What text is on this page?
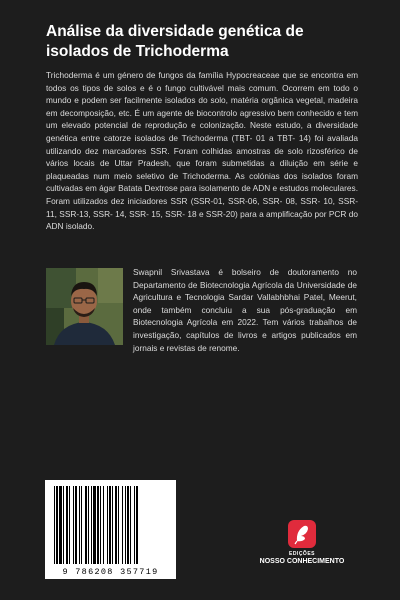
Análise da diversidade genética de isolados de Trichoderma

Trichoderma é um género de fungos da família Hypocreaceae que se encontra em todos os tipos de solos e é o fungo cultivável mais comum. Ocorrem em todo o mundo e podem ser facilmente isolados do solo, matéria orgânica vegetal, madeira em decomposição, etc. É um agente de biocontrolo agressivo bem conhecido e tem um elevado potencial de reprodução e colonização. Neste estudo, a diversidade genética entre catorze isolados de Trichoderma (TBT- 01 a TBT- 14) foi avaliada utilizando dez marcadores SSR. Foram colhidas amostras de solo rizosférico de vários locais de Uttar Pradesh, que foram submetidas a diluição em série e plaqueadas num meio seletivo de Trichoderma. As colónias dos isolados foram cultivadas em ágar Batata Dextrose para isolamento de ADN e estudos moleculares. Foram utilizados dez iniciadores SSR (SSR-01, SSR-06, SSR- 08, SSR- 10, SSR- 11, SSR-13, SSR- 14, SSR- 15, SSR- 18 e SSR-20) para a amplificação por PCR do ADN isolado.

Swapnil Srivastava é bolseiro de doutoramento no Departamento de Biotecnologia Agrícola da Universidade de Agricultura e Tecnologia Sardar Vallabhbhai Patel, Meerut, onde também concluiu a sua pós-graduação em Biotecnologia Agrícola em 2022. Tem vários trabalhos de investigação, capítulos de livros e artigos publicados em jornais e revistas de renome.

9 786208 357719
EDIÇÕES
NOSSO CONHECIMENTO
